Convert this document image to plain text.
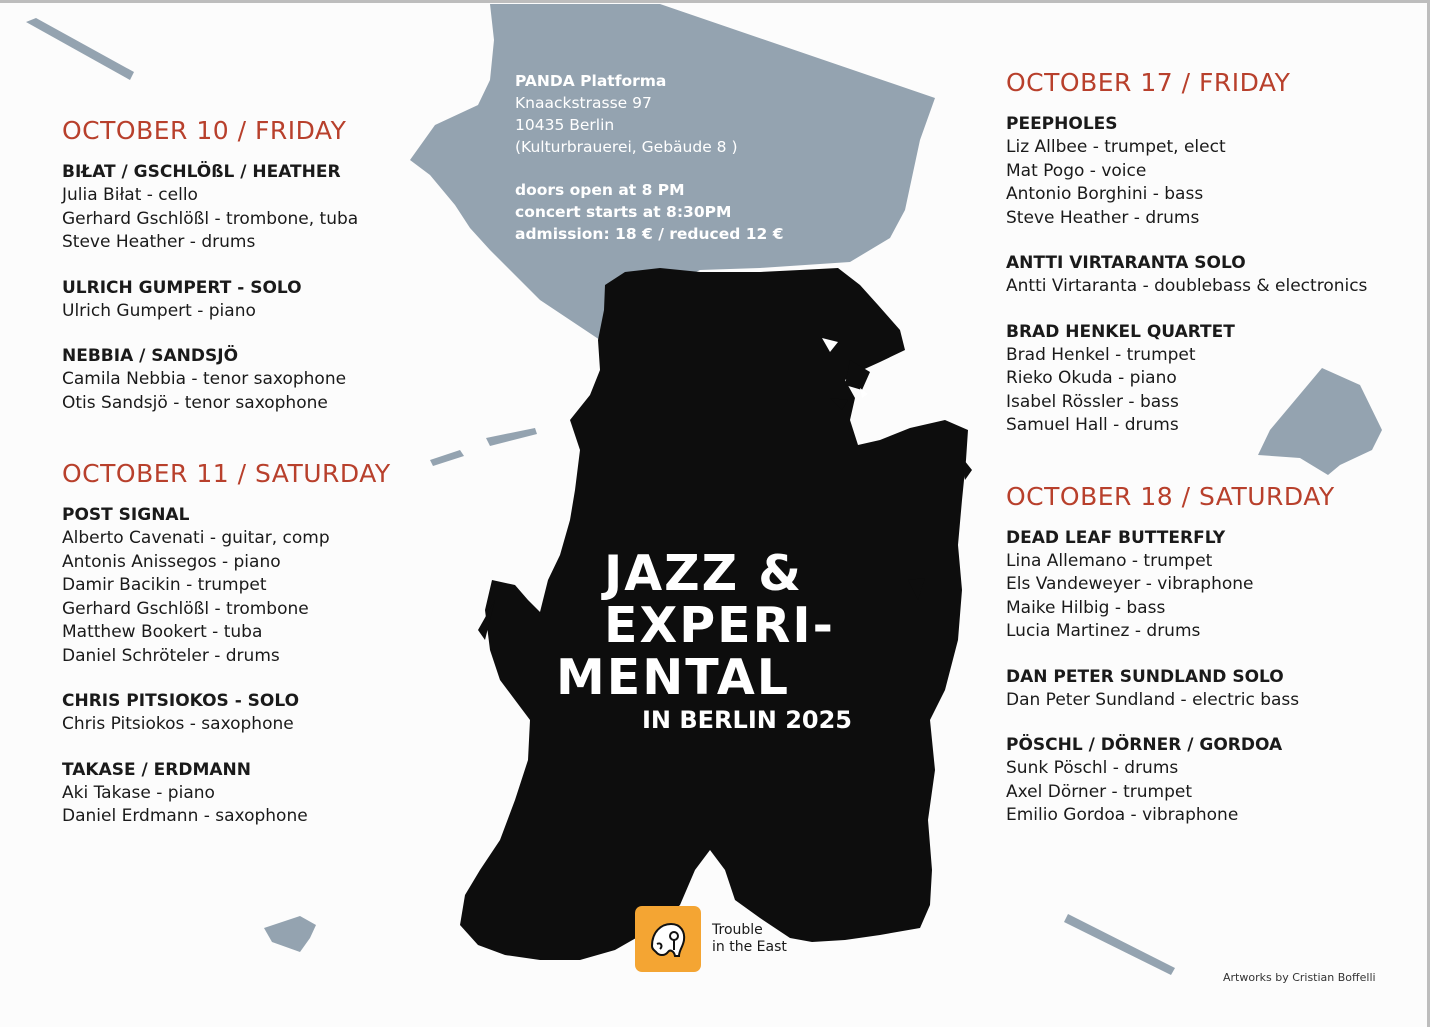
PANDA Platforma
Knaackstrasse 97
10435 Berlin
(Kulturbrauerei, Gebäude 8 )
doors open at 8 PM
concert starts at 8:30PM
admission: 18 € / reduced 12 €
JAZZ &
EXPERI-
MENTAL
IN BERLIN 2025
OCTOBER 10 / FRIDAY
BIŁAT / GSCHLÖßL / HEATHER
Julia Biłat - cello
Gerhard Gschlößl - trombone, tuba
Steve Heather - drums
ULRICH GUMPERT - SOLO
Ulrich Gumpert - piano
NEBBIA / SANDSJÖ
Camila Nebbia - tenor saxophone
Otis Sandsjö - tenor saxophone
OCTOBER 11 / SATURDAY
POST SIGNAL
Alberto Cavenati - guitar, comp
Antonis Anissegos - piano
Damir Bacikin - trumpet
Gerhard Gschlößl - trombone
Matthew Bookert - tuba
Daniel Schröteler - drums
CHRIS PITSIOKOS - SOLO
Chris Pitsiokos - saxophone
TAKASE / ERDMANN
Aki Takase - piano
Daniel Erdmann - saxophone
OCTOBER 17 / FRIDAY
PEEPHOLES
Liz Allbee - trumpet, elect
Mat Pogo - voice
Antonio Borghini - bass
Steve Heather - drums
ANTTI VIRTARANTA SOLO
Antti Virtaranta - doublebass & electronics
BRAD HENKEL QUARTET
Brad Henkel - trumpet
Rieko Okuda - piano
Isabel Rössler - bass
Samuel Hall - drums
OCTOBER 18 / SATURDAY
DEAD LEAF BUTTERFLY
Lina Allemano - trumpet
Els Vandeweyer - vibraphone
Maike Hilbig - bass
Lucia Martinez - drums
DAN PETER SUNDLAND SOLO
Dan Peter Sundland - electric bass
PÖSCHL / DÖRNER / GORDOA
Sunk Pöschl - drums
Axel Dörner - trumpet
Emilio Gordoa - vibraphone
Trouble
in the East
Artworks by Cristian Boffelli
